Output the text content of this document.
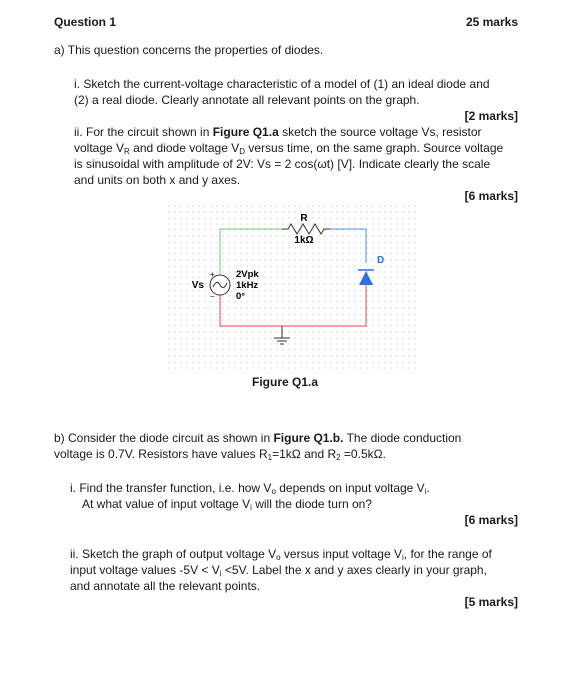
Question 1	25 marks
a) This question concerns the properties of diodes.
i. Sketch the current-voltage characteristic of a model of (1) an ideal diode and
(2) a real diode. Clearly annotate all relevant points on the graph.
[2 marks]
ii. For the circuit shown in Figure Q1.a sketch the source voltage Vs, resistor
voltage $V_R$ and diode voltage $V_D$ versus time, on the same graph. Source voltage
is sinusoidal with amplitude of 2V: Vs = 2 cos(ωt) [V]. Indicate clearly the scale
and units on both x and y axes.
[6 marks]
R
1kΩ
D
+
−
Vs
2Vpk
1kHz
0°
Figure Q1.a
b) Consider the diode circuit as shown in Figure Q1.b. The diode conduction
voltage is 0.7V. Resistors have values $R_1=1k\Omega$ and $R_2 =0.5k\Omega$.
i. Find the transfer function, i.e. how $V_o$ depends on input voltage $V_i$.
At what value of input voltage $V_i$ will the diode turn on?
[6 marks]
ii. Sketch the graph of output voltage $V_o$ versus input voltage $V_i$, for the range of
input voltage values $-5V < V_i <5V$. Label the x and y axes clearly in your graph,
and annotate all the relevant points.
[5 marks]
